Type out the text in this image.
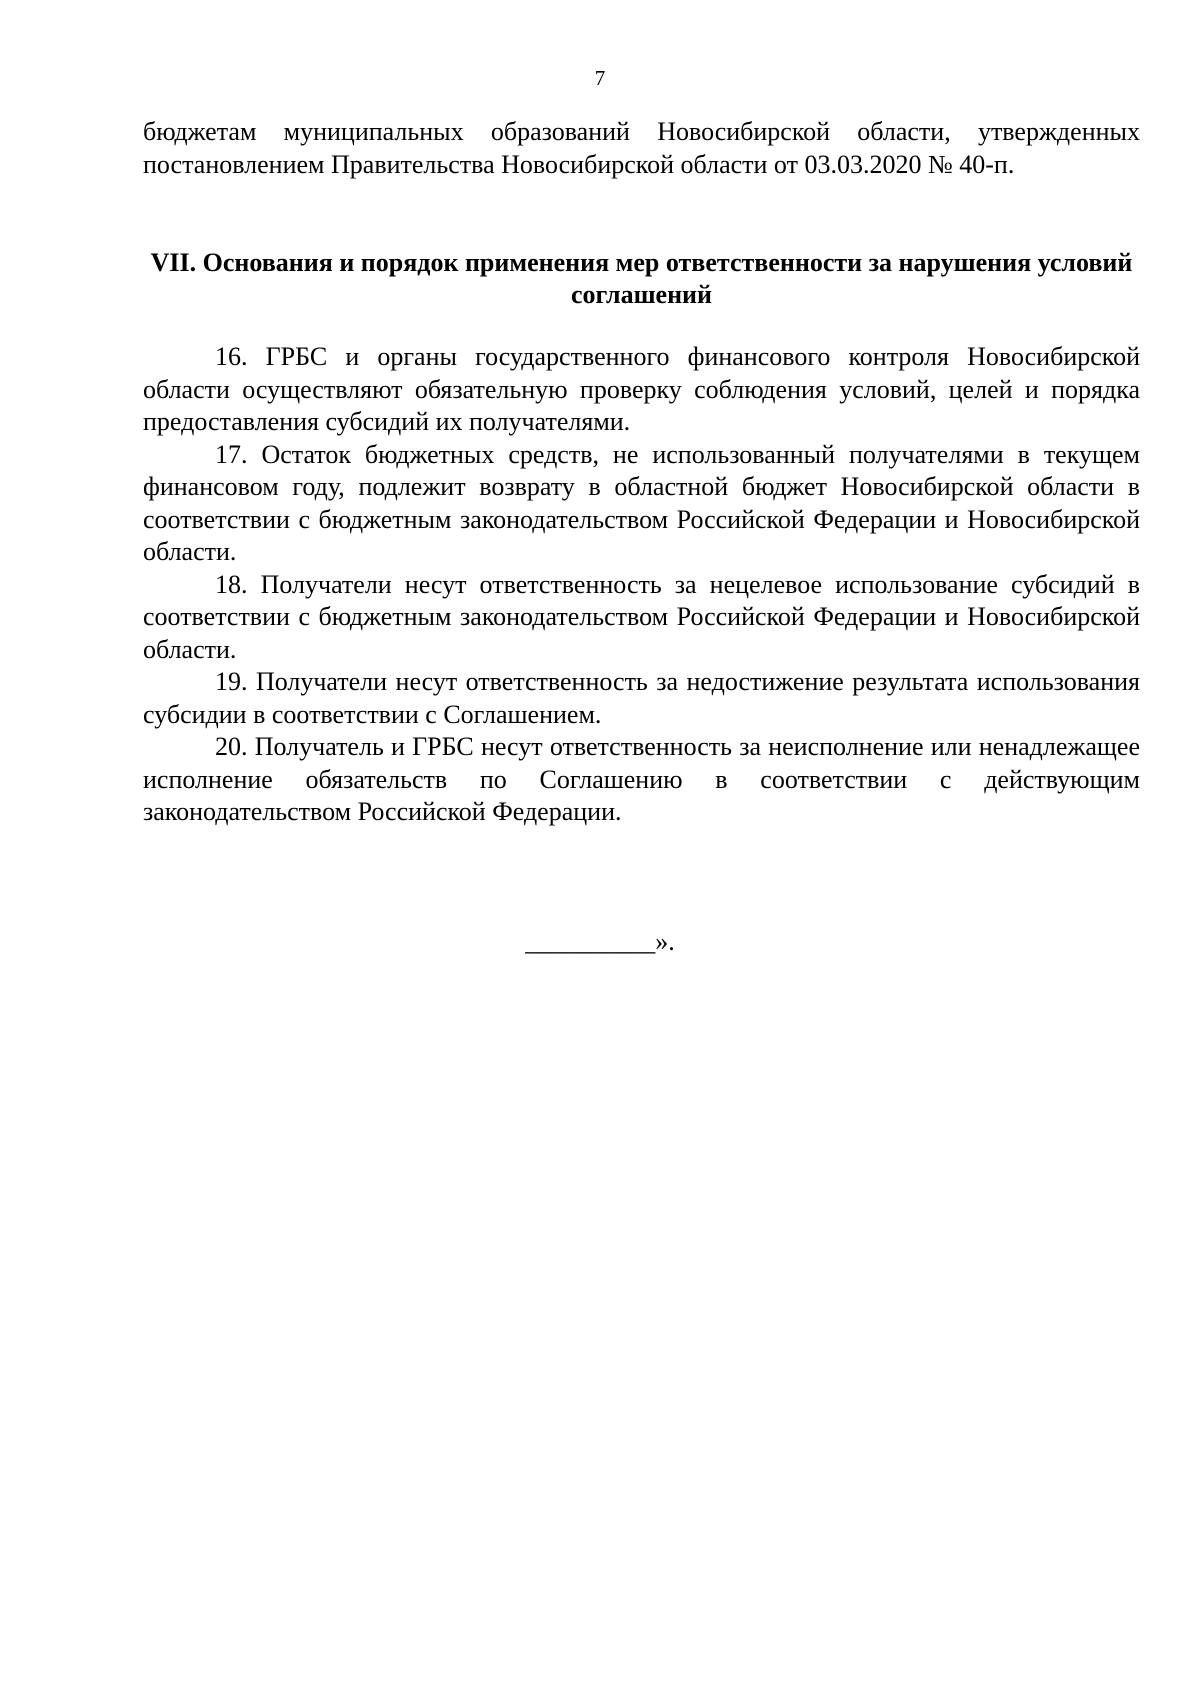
7

бюджетам муниципальных образований Новосибирской области, утвержденных постановлением Правительства Новосибирской области от 03.03.2020 № 40-п.

VII. Основания и порядок применения мер ответственности за нарушения условий соглашений

16. ГРБС и органы государственного финансового контроля Новосибирской области осуществляют обязательную проверку соблюдения условий, целей и порядка предоставления субсидий их получателями.

17. Остаток бюджетных средств, не использованный получателями в текущем финансовом году, подлежит возврату в областной бюджет Новосибирской области в соответствии с бюджетным законодательством Российской Федерации и Новосибирской области.

18. Получатели несут ответственность за нецелевое использование субсидий в соответствии с бюджетным законодательством Российской Федерации и Новосибирской области.

19. Получатели несут ответственность за недостижение результата использования субсидии в соответствии с Соглашением.

20. Получатель и ГРБС несут ответственность за неисполнение или ненадлежащее исполнение обязательств по Соглашению в соответствии с действующим законодательством Российской Федерации.

__________».
